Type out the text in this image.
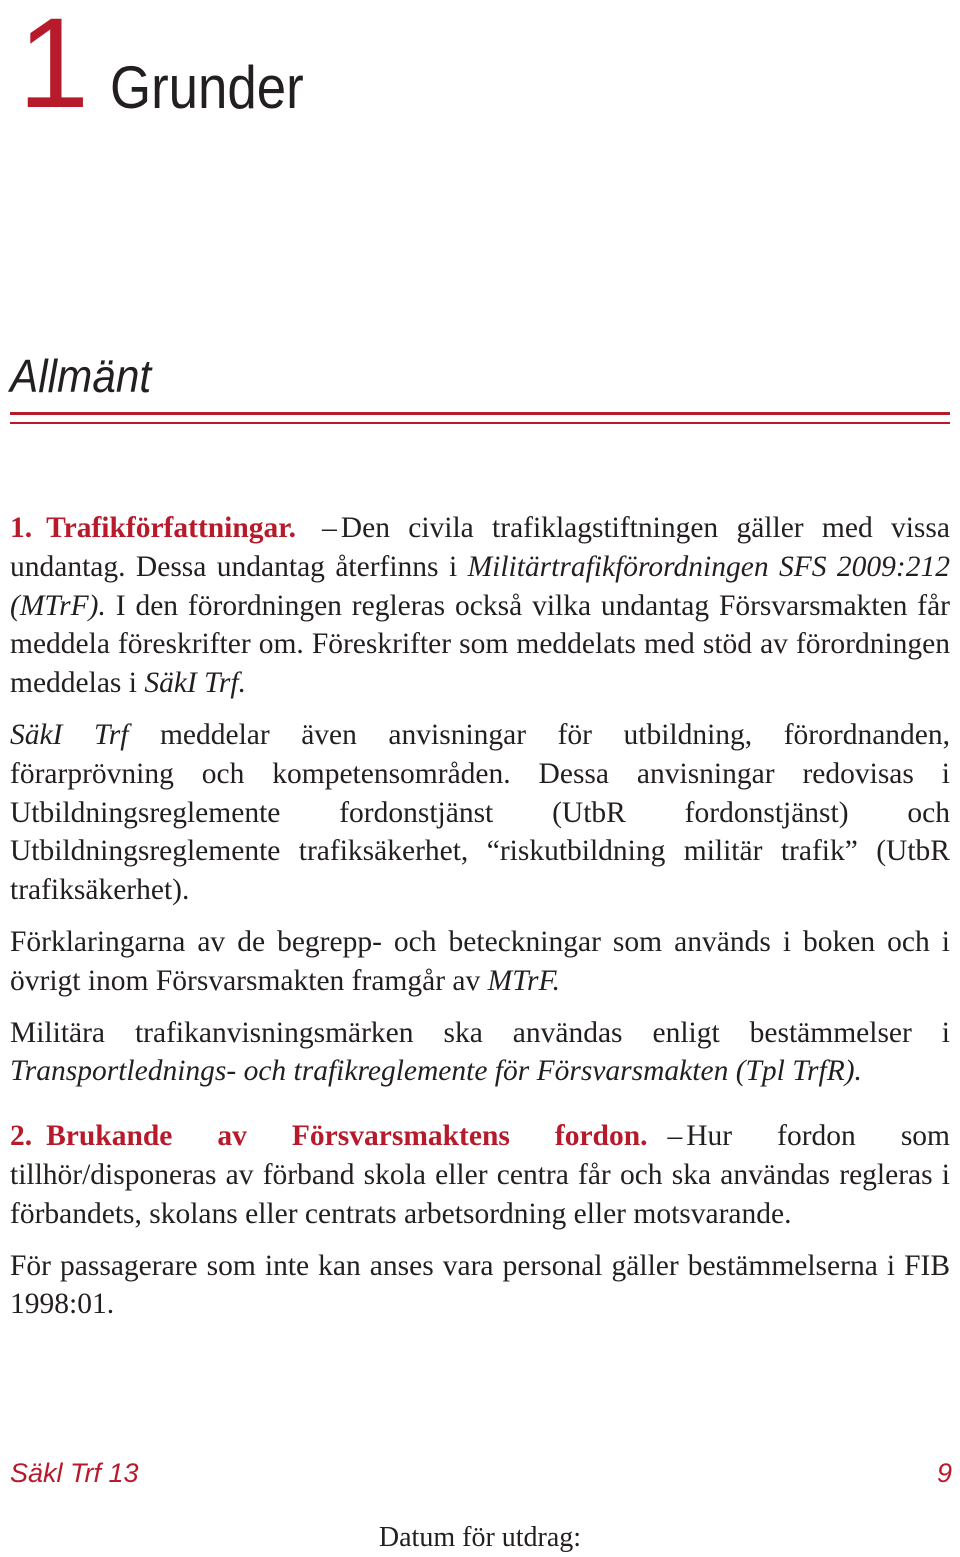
1 Grunder
Allmänt

1. Trafikförfattningar. – Den civila trafiklagstiftningen gäller med vissa undantag. Dessa undantag återfinns i Militärtrafikförordningen SFS 2009:212 (MTrF). I den förordningen regleras också vilka undantag Försvarsmakten får meddela föreskrifter om. Föreskrifter som meddelats med stöd av förordningen meddelas i SäkI Trf.

SäkI Trf meddelar även anvisningar för utbildning, förordnanden, förarprövning och kompetensområden. Dessa anvisningar redovisas i Utbildningsreglemente fordonstjänst (UtbR fordonstjänst) och Utbildningsreglemente trafiksäkerhet, “riskutbildning militär trafik” (UtbR trafiksäkerhet).

Förklaringarna av de begrepp- och beteckningar som används i boken och i övrigt inom Försvarsmakten framgår av MTrF.

Militära trafikanvisningsmärken ska användas enligt bestämmelser i Transportlednings- och trafikreglemente för Försvarsmakten (Tpl TrfR).

2. Brukande av Försvarsmaktens fordon. – Hur fordon som tillhör/disponeras av förband skola eller centra får och ska användas regleras i förbandets, skolans eller centrats arbetsordning eller motsvarande.

För passagerare som inte kan anses vara personal gäller bestämmelserna i FIB 1998:01.

Säkl Trf 13	9
Datum för utdrag:
